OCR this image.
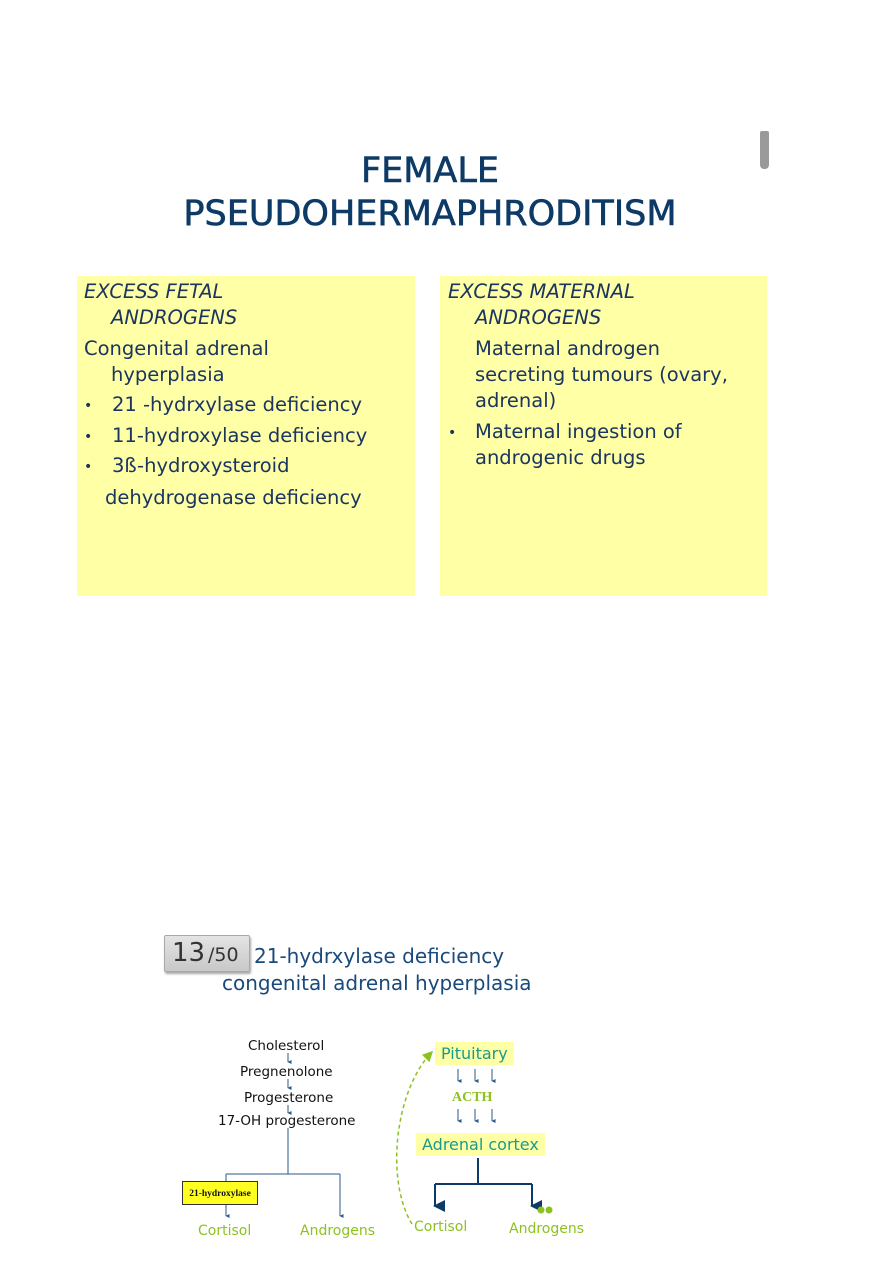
FEMALE
PSEUDOHERMAPHRODITISM
EXCESS FETAL
ANDROGENS
Congenital adrenal
hyperplasia
• 21 -hydrxylase deficiency
• 11-hydroxylase deficiency
• 3ß-hydroxysteroid
dehydrogenase deficiency
EXCESS MATERNAL
ANDROGENS
Maternal androgen
secreting tumours (ovary,
adrenal)
• Maternal ingestion of
androgenic drugs
13 /50 21-hydrxylase deficiency
congenital adrenal hyperplasia
Cholesterol
Pregnenolone
Progesterone
17-OH progesterone
21-hydroxylase
Cortisol	Androgens
Pituitary
ACTH
Adrenal cortex
Cortisol	Androgens
